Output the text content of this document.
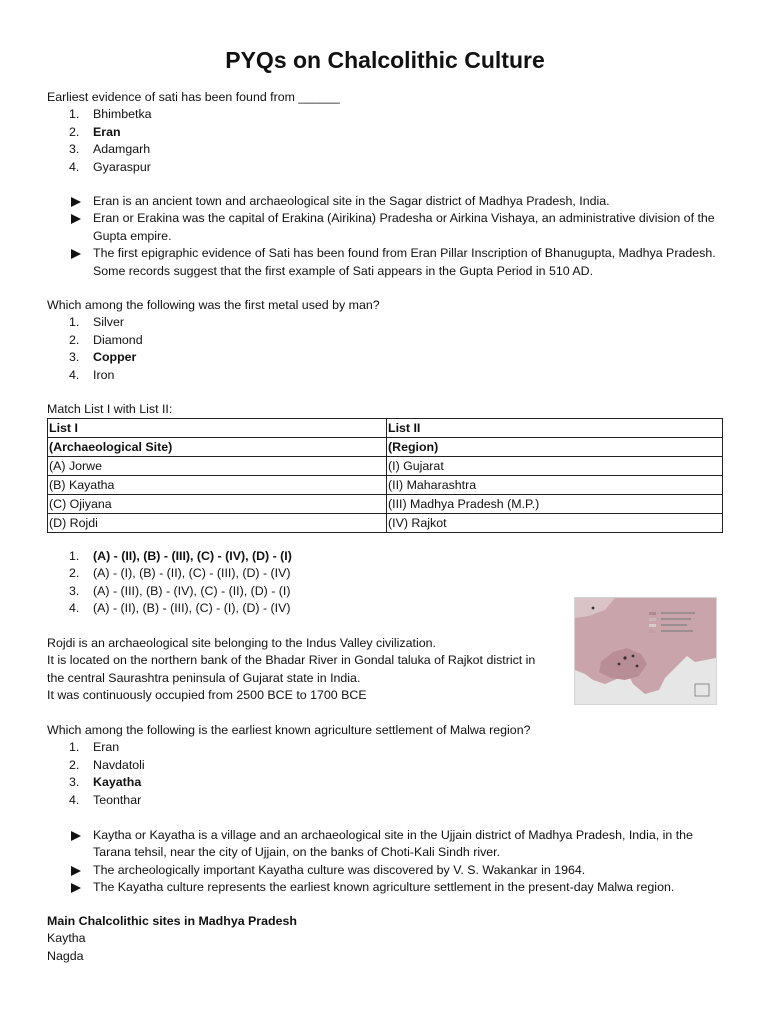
PYQs on Chalcolithic Culture

Earliest evidence of sati has been found from ______

1.	Bhimbetka
2.	Eran
3.	Adamgarh
4.	Gyaraspur
Eran is an ancient town and archaeological site in the Sagar district of Madhya Pradesh, India.
Eran or Erakina was the capital of Erakina (Airikina) Pradesha or Airkina Vishaya, an administrative division of the Gupta empire.
The first epigraphic evidence of Sati has been found from Eran Pillar Inscription of Bhanugupta, Madhya Pradesh. Some records suggest that the first example of Sati appears in the Gupta Period in 510 AD.

Which among the following was the first metal used by man?

1.	Silver
2.	Diamond
3.	Copper
4.	Iron

Match List I with List II:

List I	List II
(Archaeological Site)	(Region)
(A) Jorwe	(I) Gujarat
(B) Kayatha	(II) Maharashtra
(C) Ojiyana	(III) Madhya Pradesh (M.P.)
(D) Rojdi	(IV) Rajkot
1.	(A) - (II), (B) - (III), (C) - (IV), (D) - (I)
2.	(A) - (I), (B) - (II), (C) - (III), (D) - (IV)
3.	(A) - (III), (B) - (IV), (C) - (II), (D) - (I)
4.	(A) - (II), (B) - (III), (C) - (I), (D) - (IV)

Rojdi is an archaeological site belonging to the Indus Valley civilization.

It is located on the northern bank of the Bhadar River in Gondal taluka of Rajkot district in

the central Saurashtra peninsula of Gujarat state in India.

It was continuously occupied from 2500 BCE to 1700 BCE

Which among the following is the earliest known agriculture settlement of Malwa region?

1.	Eran
2.	Navdatoli
3.	Kayatha
4.	Teonthar
Kaytha or Kayatha is a village and an archaeological site in the Ujjain district of Madhya Pradesh, India, in the Tarana tehsil, near the city of Ujjain, on the banks of Choti-Kali Sindh river.
The archeologically important Kayatha culture was discovered by V. S. Wakankar in 1964.
The Kayatha culture represents the earliest known agriculture settlement in the present-day Malwa region.

Main Chalcolithic sites in Madhya Pradesh

Kaytha

Nagda
